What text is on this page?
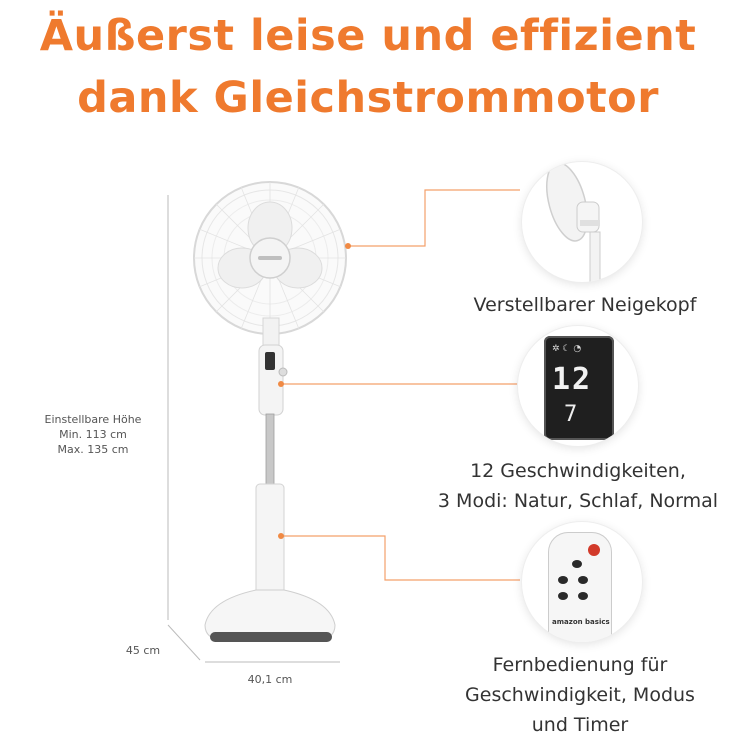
Äußerst leise und effizient
dank Gleichstrommotor
Einstellbare Höhe
Min. 113 cm
Max. 135 cm
45 cm
40,1 cm
Verstellbarer Neigekopf
✲ ☾ ◔
12
7
12 Geschwindigkeiten,
3 Modi: Natur, Schlaf, Normal
amazon basics
Fernbedienung für
Geschwindigkeit, Modus
und Timer
